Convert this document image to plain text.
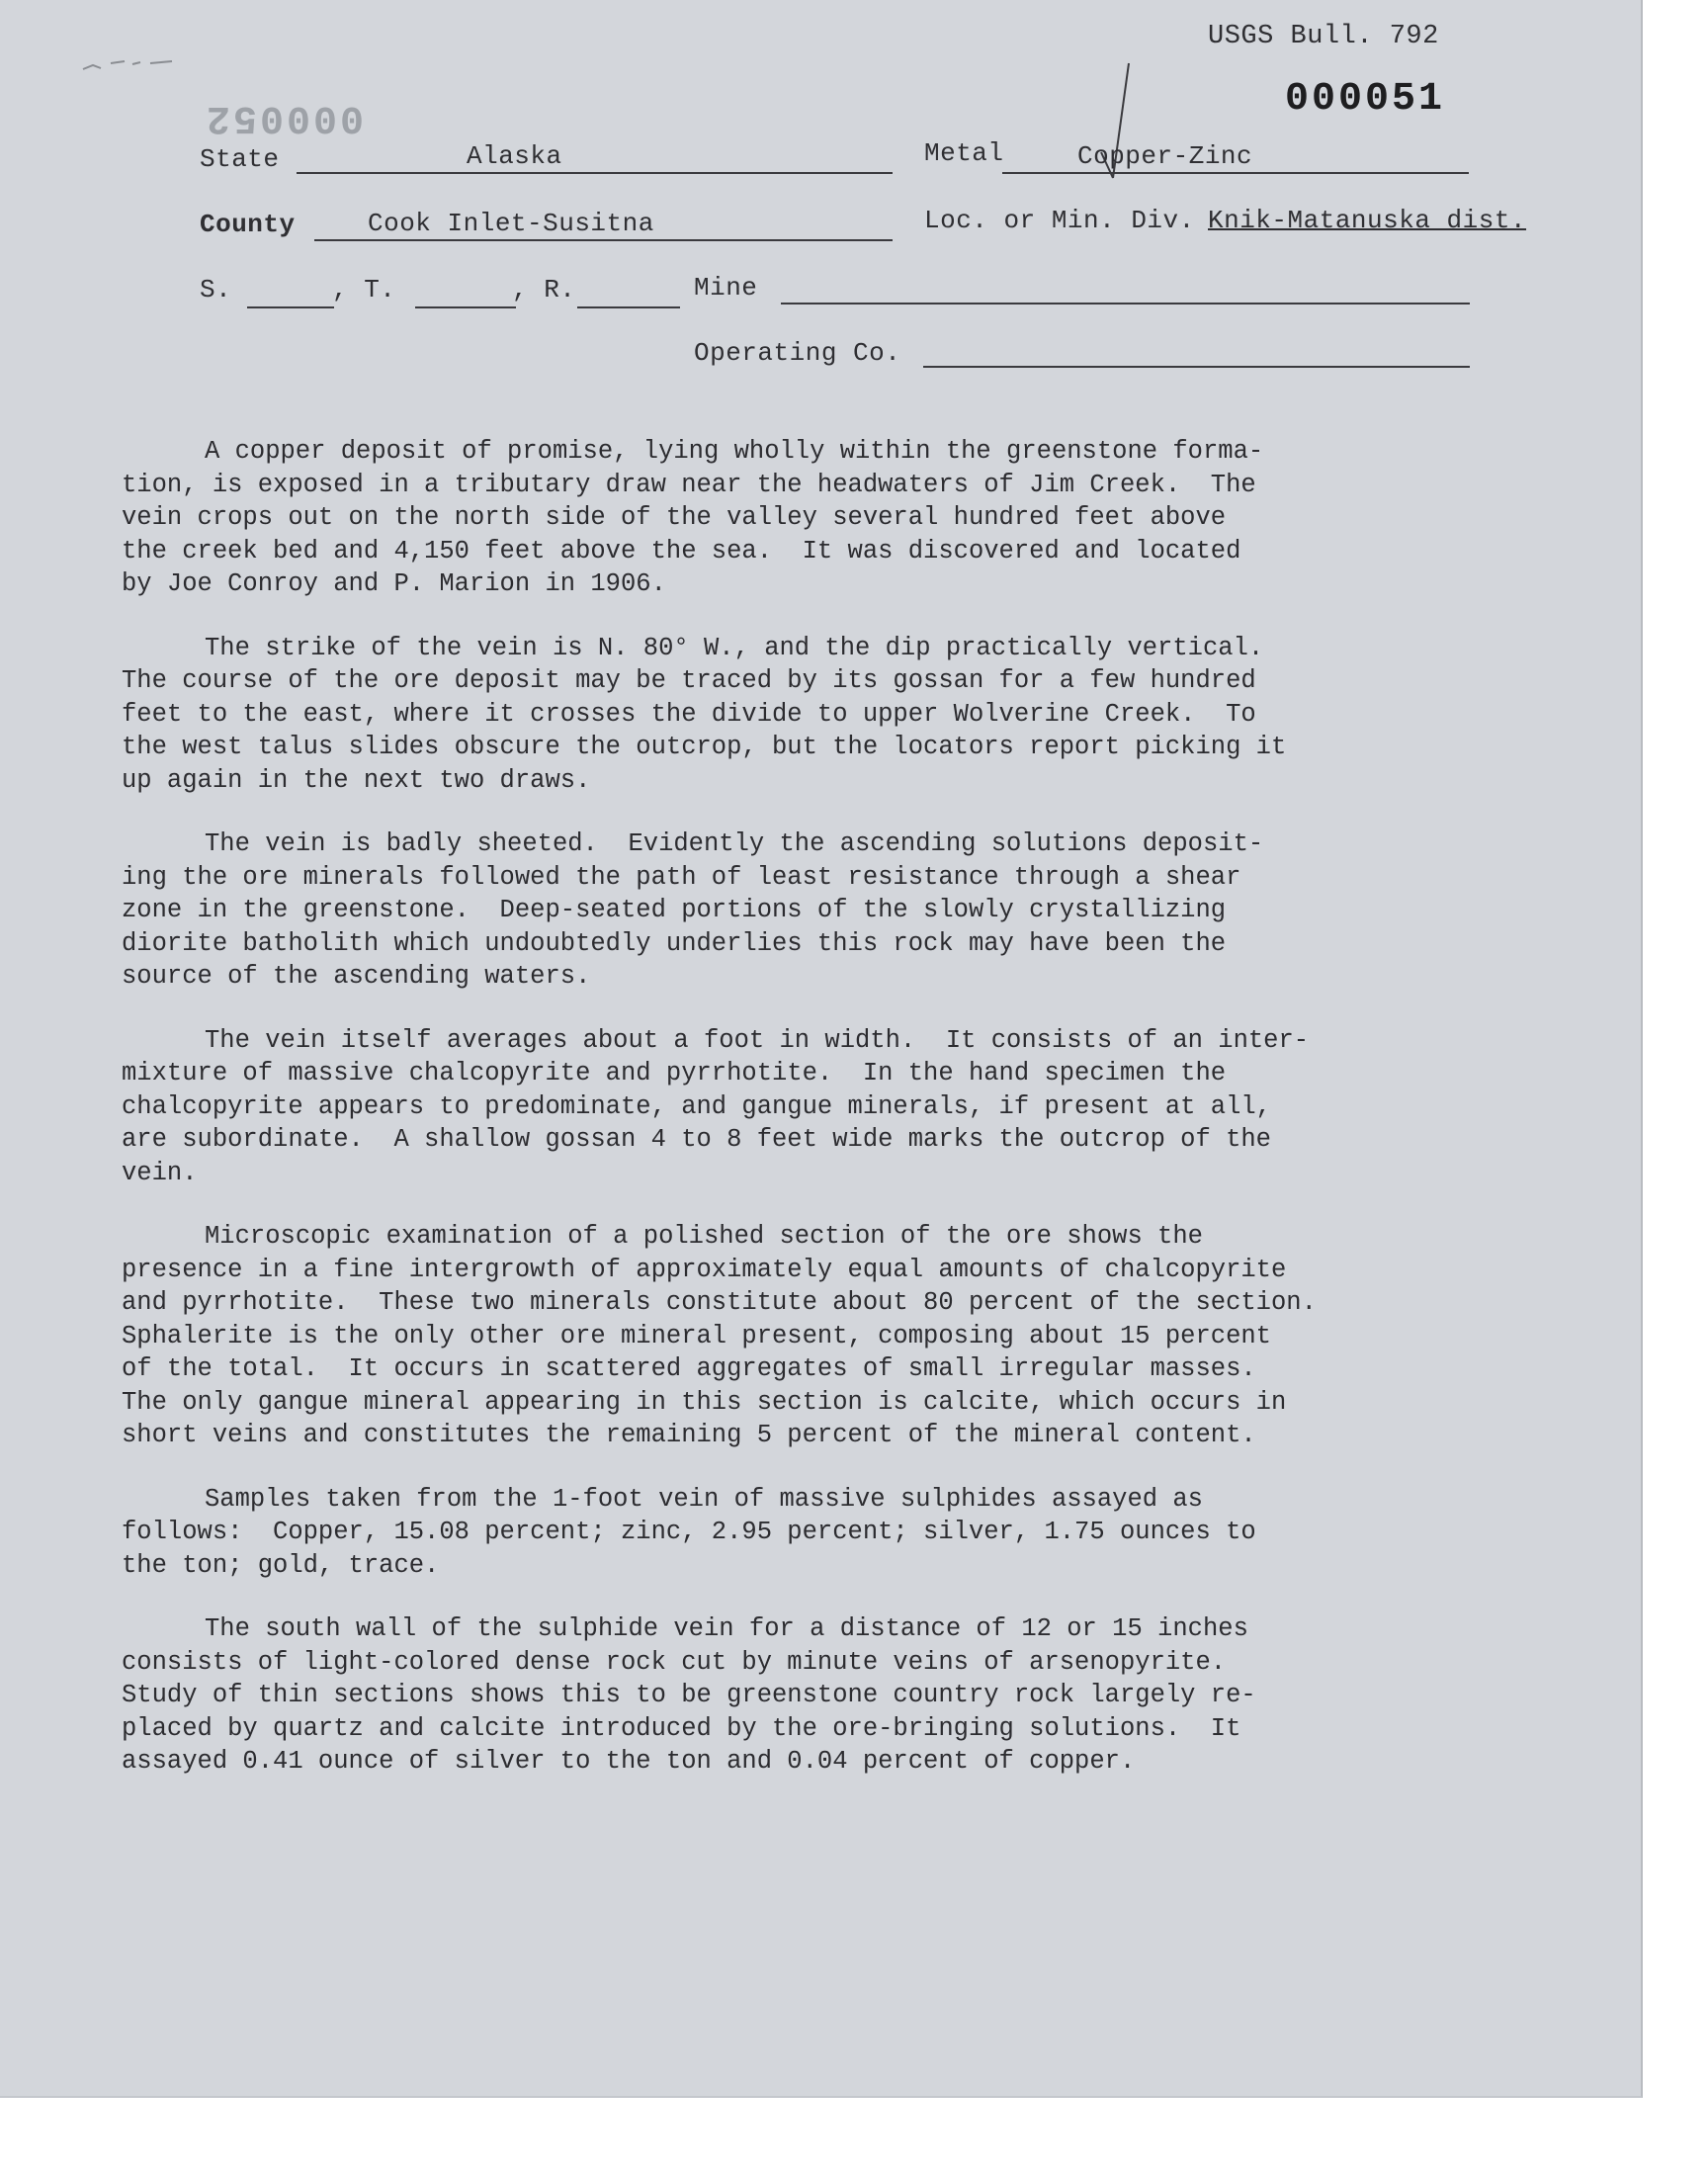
USGS Bull. 792
000051
000052
State	Alaska	Metal	Copper-Zinc
County	Cook Inlet-Susitna	Loc. or Min. Div. Knik-Matanuska dist.
S.	, T.	, R.	Mine
Operating Co.
A copper deposit of promise, lying wholly within the greenstone forma-
tion, is exposed in a tributary draw near the headwaters of Jim Creek.  The
vein crops out on the north side of the valley several hundred feet above
the creek bed and 4,150 feet above the sea.  It was discovered and located
by Joe Conroy and P. Marion in 1906.
The strike of the vein is N. 80° W., and the dip practically vertical.
The course of the ore deposit may be traced by its gossan for a few hundred
feet to the east, where it crosses the divide to upper Wolverine Creek.  To
the west talus slides obscure the outcrop, but the locators report picking it
up again in the next two draws.
The vein is badly sheeted.  Evidently the ascending solutions deposit-
ing the ore minerals followed the path of least resistance through a shear
zone in the greenstone.  Deep-seated portions of the slowly crystallizing
diorite batholith which undoubtedly underlies this rock may have been the
source of the ascending waters.
The vein itself averages about a foot in width.  It consists of an inter-
mixture of massive chalcopyrite and pyrrhotite.  In the hand specimen the
chalcopyrite appears to predominate, and gangue minerals, if present at all,
are subordinate.  A shallow gossan 4 to 8 feet wide marks the outcrop of the
vein.
Microscopic examination of a polished section of the ore shows the
presence in a fine intergrowth of approximately equal amounts of chalcopyrite
and pyrrhotite.  These two minerals constitute about 80 percent of the section.
Sphalerite is the only other ore mineral present, composing about 15 percent
of the total.  It occurs in scattered aggregates of small irregular masses.
The only gangue mineral appearing in this section is calcite, which occurs in
short veins and constitutes the remaining 5 percent of the mineral content.
Samples taken from the 1-foot vein of massive sulphides assayed as
follows:  Copper, 15.08 percent; zinc, 2.95 percent; silver, 1.75 ounces to
the ton; gold, trace.
The south wall of the sulphide vein for a distance of 12 or 15 inches
consists of light-colored dense rock cut by minute veins of arsenopyrite.
Study of thin sections shows this to be greenstone country rock largely re-
placed by quartz and calcite introduced by the ore-bringing solutions.  It
assayed 0.41 ounce of silver to the ton and 0.04 percent of copper.
